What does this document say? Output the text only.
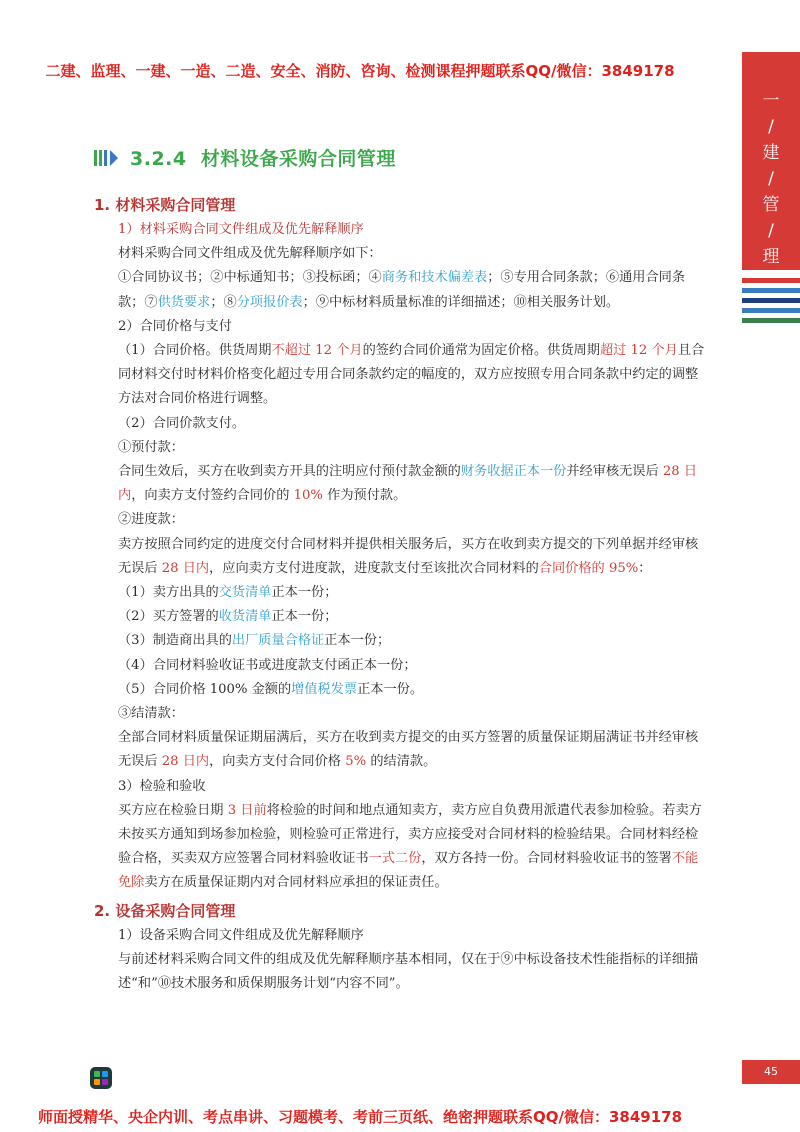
二建、监理、一建、一造、二造、安全、消防、咨询、检测课程押题联系QQ/微信：3849178
一
/
建
/
管
/
理
3.2.4 材料设备采购合同管理
1. 材料采购合同管理
1）材料采购合同文件组成及优先解释顺序
材料采购合同文件组成及优先解释顺序如下：
①合同协议书；②中标通知书；③投标函；④商务和技术偏差表；⑤专用合同条款；⑥通用合同条款；⑦供货要求；⑧分项报价表；⑨中标材料质量标准的详细描述；⑩相关服务计划。
2）合同价格与支付
（1）合同价格。供货周期不超过 12 个月的签约合同价通常为固定价格。供货周期超过 12 个月且合同材料交付时材料价格变化超过专用合同条款约定的幅度的，双方应按照专用合同条款中约定的调整方法对合同价格进行调整。
（2）合同价款支付。
①预付款：
合同生效后，买方在收到卖方开具的注明应付预付款金额的财务收据正本一份并经审核无误后 28 日内，向卖方支付签约合同价的 10% 作为预付款。
②进度款：
卖方按照合同约定的进度交付合同材料并提供相关服务后，买方在收到卖方提交的下列单据并经审核无误后 28 日内，应向卖方支付进度款，进度款支付至该批次合同材料的合同价格的 95%：
（1）卖方出具的交货清单正本一份；
（2）买方签署的收货清单正本一份；
（3）制造商出具的出厂质量合格证正本一份；
（4）合同材料验收证书或进度款支付函正本一份；
（5）合同价格 100% 金额的增值税发票正本一份。
③结清款：
全部合同材料质量保证期届满后，买方在收到卖方提交的由买方签署的质量保证期届满证书并经审核无误后 28 日内，向卖方支付合同价格 5% 的结清款。
3）检验和验收
买方应在检验日期 3 日前将检验的时间和地点通知卖方，卖方应自负费用派遣代表参加检验。若卖方未按买方通知到场参加检验，则检验可正常进行，卖方应接受对合同材料的检验结果。合同材料经检验合格，买卖双方应签署合同材料验收证书一式二份，双方各持一份。合同材料验收证书的签署不能免除卖方在质量保证期内对合同材料应承担的保证责任。
2. 设备采购合同管理
1）设备采购合同文件组成及优先解释顺序
与前述材料采购合同文件的组成及优先解释顺序基本相同，仅在于⑨中标设备技术性能指标的详细描述“和”⑩技术服务和质保期服务计划“内容不同”。
45
师面授精华、央企内训、考点串讲、习题模考、考前三页纸、绝密押题联系QQ/微信：3849178
